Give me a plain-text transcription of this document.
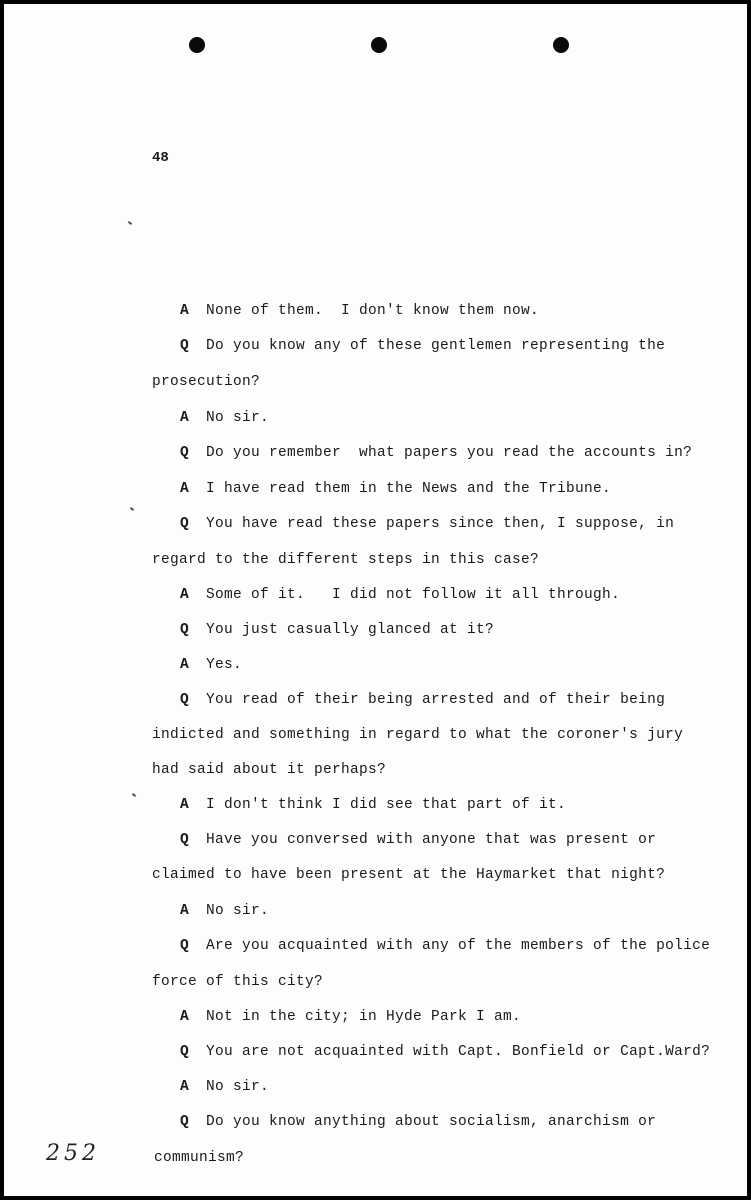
48
A None of them.  I don't know them now.
Q Do you know any of these gentlemen representing the
prosecution?
A No sir.
Q Do you remember  what papers you read the accounts in?
A I have read them in the News and the Tribune.
Q You have read these papers since then, I suppose, in
regard to the different steps in this case?
A Some of it.   I did not follow it all through.
Q You just casually glanced at it?
A Yes.
Q You read of their being arrested and of their being
indicted and something in regard to what the coroner's jury
had said about it perhaps?
A I don't think I did see that part of it.
Q Have you conversed with anyone that was present or
claimed to have been present at the Haymarket that night?
A No sir.
Q Are you acquainted with any of the members of the police
force of this city?
A Not in the city; in Hyde Park I am.
Q You are not acquainted with Capt. Bonfield or Capt.Ward?
A No sir.
Q Do you know anything about socialism, anarchism or
communism?
252
